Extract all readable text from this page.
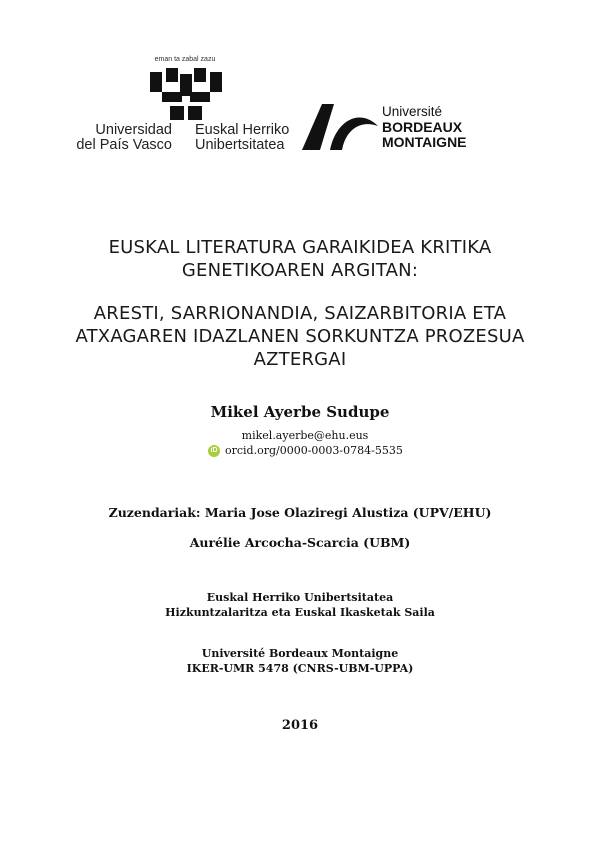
eman ta zabal zazu
Universidad
del País Vasco
Euskal Herriko
Unibertsitatea
Université
BORDEAUX
MONTAIGNE
EUSKAL LITERATURA GARAIKIDEA KRITIKA
GENETIKOAREN ARGITAN:
ARESTI, SARRIONANDIA, SAIZARBITORIA ETA
ATXAGAREN IDAZLANEN SORKUNTZA PROZESUA
AZTERGAI
Mikel Ayerbe Sudupe
mikel.ayerbe@ehu.eus
iD orcid.org/0000-0003-0784-5535
Zuzendariak: Maria Jose Olaziregi Alustiza (UPV/EHU)
Aurélie Arcocha-Scarcia (UBM)
Euskal Herriko Unibertsitatea
Hizkuntzalaritza eta Euskal Ikasketak Saila
Université Bordeaux Montaigne
IKER-UMR 5478 (CNRS-UBM-UPPA)
2016
